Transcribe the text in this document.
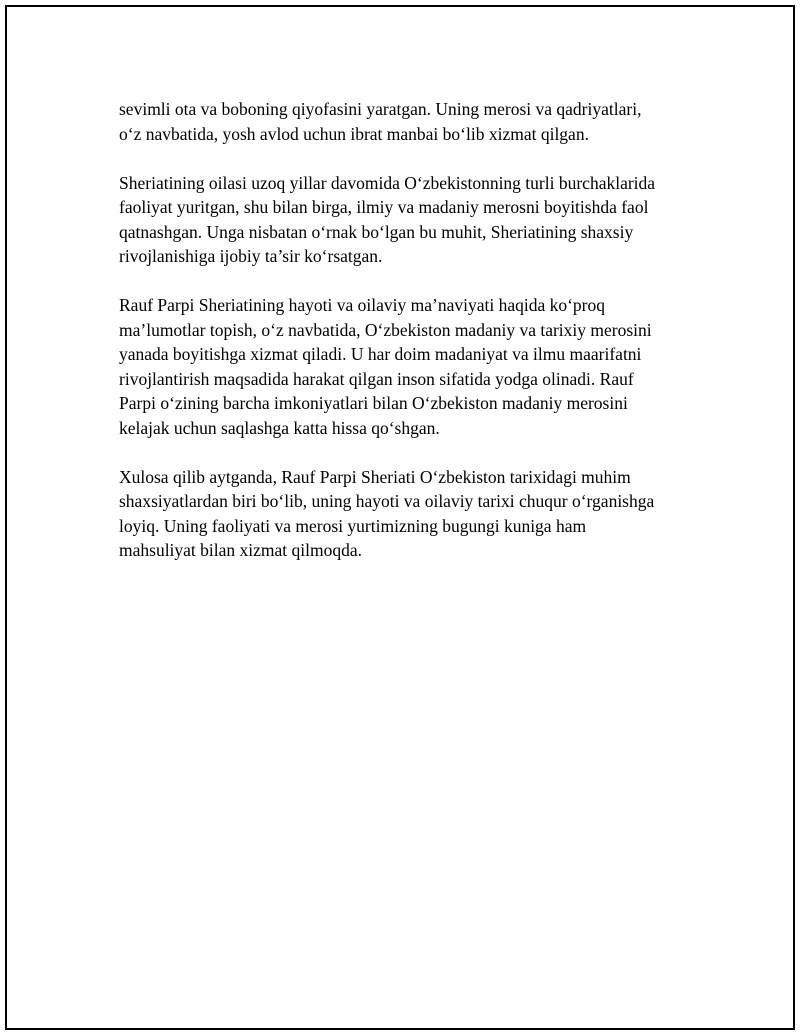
sevimli ota va boboning qiyofasini yaratgan. Uning merosi va qadriyatlari,
o‘z navbatida, yosh avlod uchun ibrat manbai bo‘lib xizmat qilgan.

Sheriatining oilasi uzoq yillar davomida O‘zbekistonning turli burchaklarida
faoliyat yuritgan, shu bilan birga, ilmiy va madaniy merosni boyitishda faol
qatnashgan. Unga nisbatan o‘rnak bo‘lgan bu muhit, Sheriatining shaxsiy
rivojlanishiga ijobiy ta’sir ko‘rsatgan.

Rauf Parpi Sheriatining hayoti va oilaviy ma’naviyati haqida ko‘proq
ma’lumotlar topish, o‘z navbatida, O‘zbekiston madaniy va tarixiy merosini
yanada boyitishga xizmat qiladi. U har doim madaniyat va ilmu maarifatni
rivojlantirish maqsadida harakat qilgan inson sifatida yodga olinadi. Rauf
Parpi o‘zining barcha imkoniyatlari bilan O‘zbekiston madaniy merosini
kelajak uchun saqlashga katta hissa qo‘shgan.

Xulosa qilib aytganda, Rauf Parpi Sheriati O‘zbekiston tarixidagi muhim
shaxsiyatlardan biri bo‘lib, uning hayoti va oilaviy tarixi chuqur o‘rganishga
loyiq. Uning faoliyati va merosi yurtimizning bugungi kuniga ham
mahsuliyat bilan xizmat qilmoqda.
